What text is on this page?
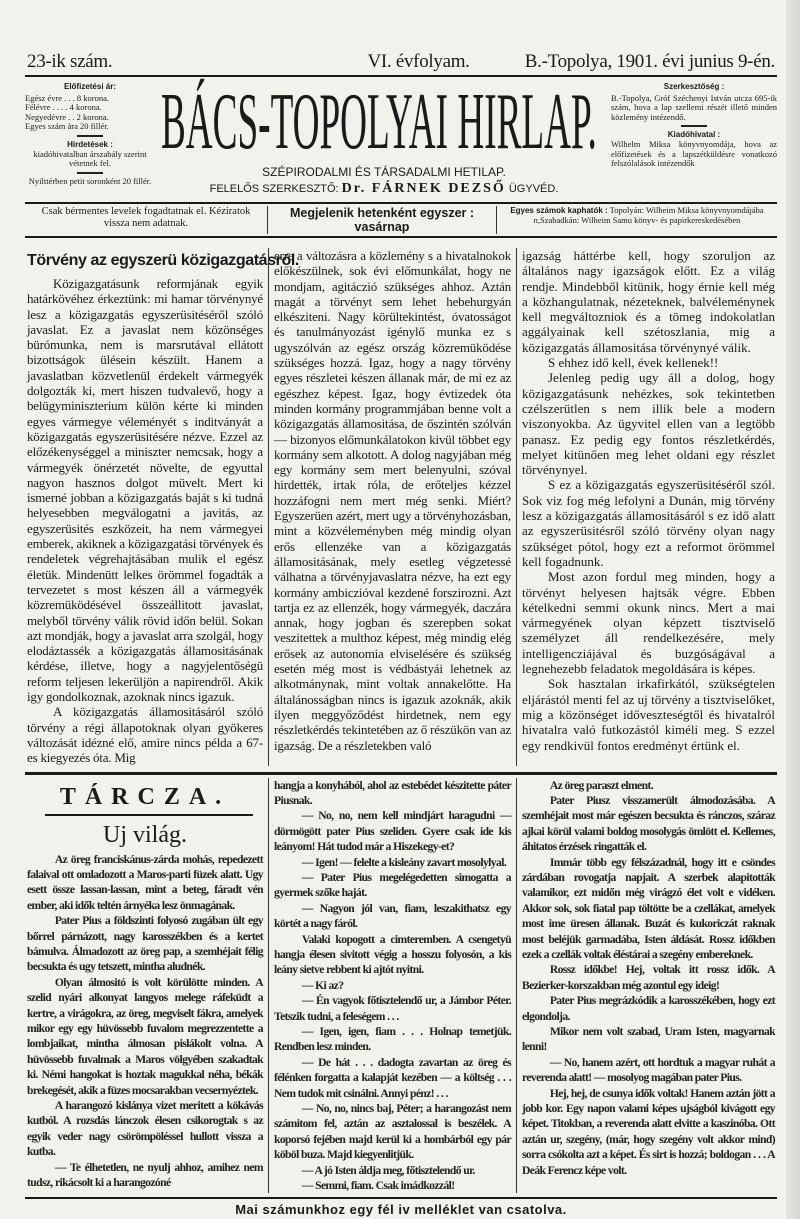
23-ik szám.	VI. évfolyam.	B.-Topolya, 1901. évi junius 9-én.
Előfizetési ár:
Egész évre . . . 8 korona.
Félévre . . . . 4 korona.
Negyedévre . . 2 korona.
Egyes szám ára 20 fillér.
Hirdetések :
kiadóhivatalban árszabály szerint vétetnek fel.
Nyilttérben petit soronként 20 fillér.
BÁCS-TOPOLYAI HIRLAP.
SZÉPIRODALMI ÉS TÁRSADALMI HETILAP.
FELELŐS SZERKESZTŐ: Dr. FÁRNEK DEZSŐ ÜGYVÉD.
Szerkesztőség :
B.-Topolya, Gróf Széchenyi István utcza 695-ik szám, hova a lap szellemi részét illető minden közlemény intézendő.
Kiadóhivatal :
Wilhelm Miksa könyvnyomdája, hova az előfizetések és a lapszétküldésre vonatkozó felszólalások intézendők
Csak bérmentes levelek fogadtatnak el. Kéziratok vissza nem adatnak.
Megjelenik hetenként egyszer :
vasárnap
Egyes számok kaphatók : Topolyán: Wilheim Miksa könyvnyomdájába n,Szabadkán: Wilheim Samu könyv- és papirkereskedésében
Törvény az egyszerü közigazgatásról.

Közigazgatásunk reformjának egyik határkövéhez érkeztünk: mi hamar törvénynyé lesz a közigazgatás egyszerüsitéséről szóló javaslat. Ez a javaslat nem közönséges bürómunka, nem is marsrutával ellátott bizottságok ülésein készült. Hanem a javaslatban közvetlenül érdekelt vármegyék dolgozták ki, mert hiszen tudvalevő, hogy a belügyminiszterium külön kérte ki minden egyes vármegye véleményét s inditványát a közigazgatás egyszerüsitésére nézve. Ezzel az előzékenységgel a miniszter nemcsak, hogy a vármegyék önérzetét növelte, de egyuttal nagyon hasznos dolgot müvelt. Mert ki ismerné jobban a közigazgatás baját s ki tudná helyesebben megválogatni a javitás, az egyszerüsités eszközeit, ha nem vármegyei emberek, akiknek a közigazgatási törvények és rendeletek végrehajtásában mulik el egész életük. Mindenütt lelkes örömmel fogadták a tervezetet s most készen áll a vármegyék közremüködésével összeállitott javaslat, melyből törvény válik rövid időn belül. Sokan azt mondják, hogy a javaslat arra szolgál, hogy elodáztassék a közigazgatás államositásának kérdése, illetve, hogy a nagyjelentőségü reform teljesen lekerüljön a napirendről. Akik igy gondolkoznak, azoknak nincs igazuk.

A közigazgatás államositásáról szóló törvény a régi állapotoknak olyan gyökeres változását idézné elő, amire nincs példa a 67-es kiegyezés óta. Mig

erre a változásra a közlemény s a hivatalnokok előkészülnek, sok évi előmunkálat, hogy ne mondjam, agitáczió szükséges ahhoz. Aztán magát a törvényt sem lehet hebehurgyán elkésziteni. Nagy körültekintést, óvatosságot és tanulmányozást igénylő munka ez s ugyszólván az egész ország közremüködése szükséges hozzá. Igaz, hogy a nagy törvény egyes részletei készen állanak már, de mi ez az egészhez képest. Igaz, hogy évtizedek óta minden kormány programmjában benne volt a közigazgatás államositása, de őszintén szólván — bizonyos előmunkálatokon kivül többet egy kormány sem alkotott. A dolog nagyjában még egy kormány sem mert belenyulni, szóval hirdették, irtak róla, de erőteljes kézzel hozzáfogni nem mert még senki. Miért? Egyszerüen azért, mert ugy a törvényhozásban, mint a közvéleményben még mindig olyan erős ellenzéke van a közigazgatás államositásának, mely esetleg végzetessé válhatna a törvényjavaslatra nézve, ha ezt egy kormány ambiczióval kezdené forszirozni. Azt tartja ez az ellenzék, hogy vármegyék, daczára annak, hogy jogban és szerepben sokat veszitettek a multhoz képest, még mindig elég erősek az autonomia elviselésére és szükség esetén még most is védbástyái lehetnek az alkotmánynak, mint voltak annakelőtte. Ha általánosságban nincs is igazuk azoknák, akik ilyen meggyőződést hirdetnek, nem egy részletkérdés tekintetében az ő részükön van az igazság. De a részletekben való

igazság háttérbe kell, hogy szoruljon az általános nagy igazságok előtt. Ez a világ rendje. Mindebből kitünik, hogy érnie kell még a közhangulatnak, nézeteknek, balvéleménynek kell megváltozniok és a tömeg indokolatlan aggályainak kell szétoszlania, mig a közigazgatás államositása törvénynyé válik.

S ehhez idő kell, évek kellenek!!

Jelenleg pedig ugy áll a dolog, hogy közigazgatásunk nehézkes, sok tekintetben czélszerütlen s nem illik bele a modern viszonyokba. Az ügyvitel ellen van a legtöbb panasz. Ez pedig egy fontos részletkérdés, melyet kitünően meg lehet oldani egy részlet törvénynyel.

S ez a közigazgatás egyszerüsitéséről szól. Sok viz fog még lefolyni a Dunán, mig törvény lesz a közigazgatás államositásáról s ez idő alatt az egyszerüsitésről szóló törvény olyan nagy szükséget pótol, hogy ezt a reformot örömmel kell fogadnunk.

Most azon fordul meg minden, hogy a törvényt helyesen hajtsák végre. Ebben kételkedni semmi okunk nincs. Mert a mai vármegyének olyan képzett tisztviselő személyzet áll rendelkezésére, mely intelligencziájával és buzgóságával a legnehezebb feladatok megoldására is képes.

Sok hasztalan irkafirkától, szükségtelen eljárástól menti fel az uj törvény a tisztviselőket, mig a közönséget időveszteségtől és hivatalról hivatalra való futkozástól kiméli meg. S ezzel egy rendkivül fontos eredményt értünk el.

TÁRCZA.
Uj világ.

Az öreg franciskánus-zárda mohás, repedezett falaival ott omladozott a Maros-parti füzek alatt. Ugy esett össze lassan-lassan, mint a beteg, fáradt vén ember, aki idők teltén árnyéka lesz önmagának.

Pater Pius a földszinti folyosó zugában ült egy bőrrel párnázott, nagy karosszékben és a kertet bámulva. Álmadozott az öreg pap, a szemhéjait félig becsukta és ugy tetszett, mintha aludnék.

Olyan álmositó is volt körülötte minden. A szelid nyári alkonyat langyos melege ráfeküdt a kertre, a virágokra, az öreg, megviselt fákra, amelyek mikor egy egy hüvössebb fuvalom megrezzentette a lombjaikat, mintha álmosan pislákolt volna. A hüvössebb fuvalmak a Maros völgyében szakadtak ki. Némi hangokat is hoztak magukkal néha, békák brekegését, akik a füzes mocsarakban vecsernyéztek.

A harangozó kislánya vizet meritett a kökávás kutból. A rozsdás lánczok élesen csikorogtak s az egyik veder nagy csörömpöléssel hullott vissza a kutba.

— Te élhetetlen, ne nyulj ahhoz, amihez nem tudsz, rikácsolt ki a harangozóné

hangja a konyhából, ahol az estebédet készitette páter Piusnak.

— No, no, nem kell mindjárt haragudni — dörmögött pater Pius szeliden. Gyere csak ide kis leányom! Hát tudod már a Hiszekegy-et?

— Igen! — felelte a kisleány zavart mosolylyal.

— Pater Pius megelégedetten simogatta a gyermek szőke haját.

— Nagyon jól van, fiam, leszakithatsz egy körtét a nagy fáról.

Valaki kopogott a cimteremben. A csengetyü hangja élesen sivitott végig a hosszu folyosón, a kis leány sietve rebbent ki ajtót nyitni.

— Ki az?

— Én vagyok főtisztelendő ur, a Jámbor Péter. Tetszik tudni, a feleségem . . .

— Igen, igen, fiam . . . Holnap temetjük. Rendben lesz minden.

— De hát . . . dadogta zavartan az öreg és félénken forgatta a kalapját kezében — a költség . . . Nem tudok mit csinálni. Annyi pénz! . . .

— No, no, nincs baj, Péter; a harangozást nem számitom fel, aztán az asztalossal is beszélek. A koporsó fejében majd kerül ki a hombárból egy pár köböl buza. Majd kiegyenlitjük.

— A jó Isten áldja meg, főtisztelendő ur.

— Semmi, fiam. Csak imádkozzál!

Az öreg paraszt elment.

Pater Piusz visszamerült álmodozásába. A szemhéjait most már egészen becsukta és ránczos, száraz ajkai körül valami boldog mosolygás ömlött el. Kellemes, áhitatos érzések ringatták el.

Immár több egy félszázadnál, hogy itt e csöndes zárdában rovogatja napjait. A szerbek alapitották valamikor, ezt midőn még virágzó élet volt e vidéken. Akkor sok, sok fiatal pap töltötte be a czellákat, amelyek most ime üresen állanak. Buzát és kukoriczát raknak most beléjük garmadába, Isten áldását. Rossz időkben ezek a czellák voltak éléstárai a szegény embereknek.

Rossz időkbe! Hej, voltak itt rossz idők. A Bezierker-korszakban még azontul egy ideig!

Pater Pius megrázkódik a karosszékében, hogy ezt elgondolja.

Mikor nem volt szabad, Uram Isten, magyarnak lenni!

— No, hanem azért, ott hordtuk a magyar ruhát a reverenda alatt! — mosolyog magában pater Pius.

Hej, hej, de csunya idők voltak! Hanem aztán jött a jobb kor. Egy napon valami képes ujságból kivágott egy képet. Titokban, a reverenda alatt elvitte a kaszinóba. Ott aztán ur, szegény, (már, hogy szegény volt akkor mind) sorra csókolta azt a képet. És sirt is hozzá; boldogan . . . A Deák Ferencz képe volt.

Mai számunkhoz egy fél iv melléklet van csatolva.
